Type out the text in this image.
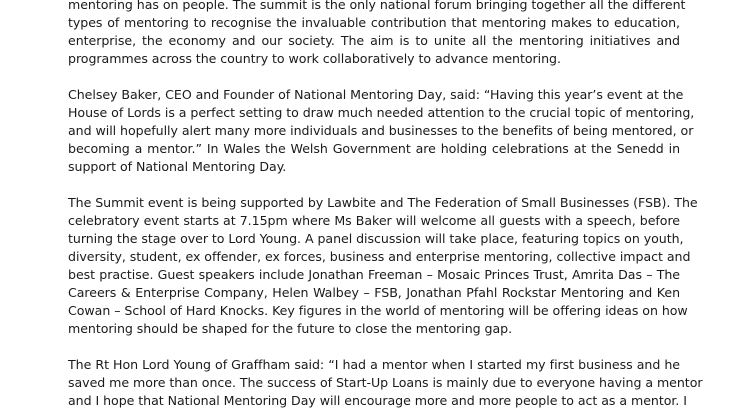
mentoring has on people. The summit is the only national forum bringing together all the different
types of mentoring to recognise the invaluable contribution that mentoring makes to education,
enterprise, the economy and our society. The aim is to unite all the mentoring initiatives and
programmes across the country to work collaboratively to advance mentoring.

Chelsey Baker, CEO and Founder of National Mentoring Day, said: “Having this year’s event at the
House of Lords is a perfect setting to draw much needed attention to the crucial topic of mentoring,
and will hopefully alert many more individuals and businesses to the benefits of being mentored, or
becoming a mentor.” In Wales the Welsh Government are holding celebrations at the Senedd in
support of National Mentoring Day.

The Summit event is being supported by Lawbite and The Federation of Small Businesses (FSB). The
celebratory event starts at 7.15pm where Ms Baker will welcome all guests with a speech, before
turning the stage over to Lord Young. A panel discussion will take place, featuring topics on youth,
diversity, student, ex offender, ex forces, business and enterprise mentoring, collective impact and
best practise. Guest speakers include Jonathan Freeman – Mosaic Princes Trust, Amrita Das – The
Careers & Enterprise Company, Helen Walbey – FSB, Jonathan Pfahl Rockstar Mentoring and Ken
Cowan – School of Hard Knocks. Key figures in the world of mentoring will be offering ideas on how
mentoring should be shaped for the future to close the mentoring gap.

The Rt Hon Lord Young of Graffham said: “I had a mentor when I started my first business and he
saved me more than once. The success of Start-Up Loans is mainly due to everyone having a mentor
and I hope that National Mentoring Day will encourage more and more people to act as a mentor. I
